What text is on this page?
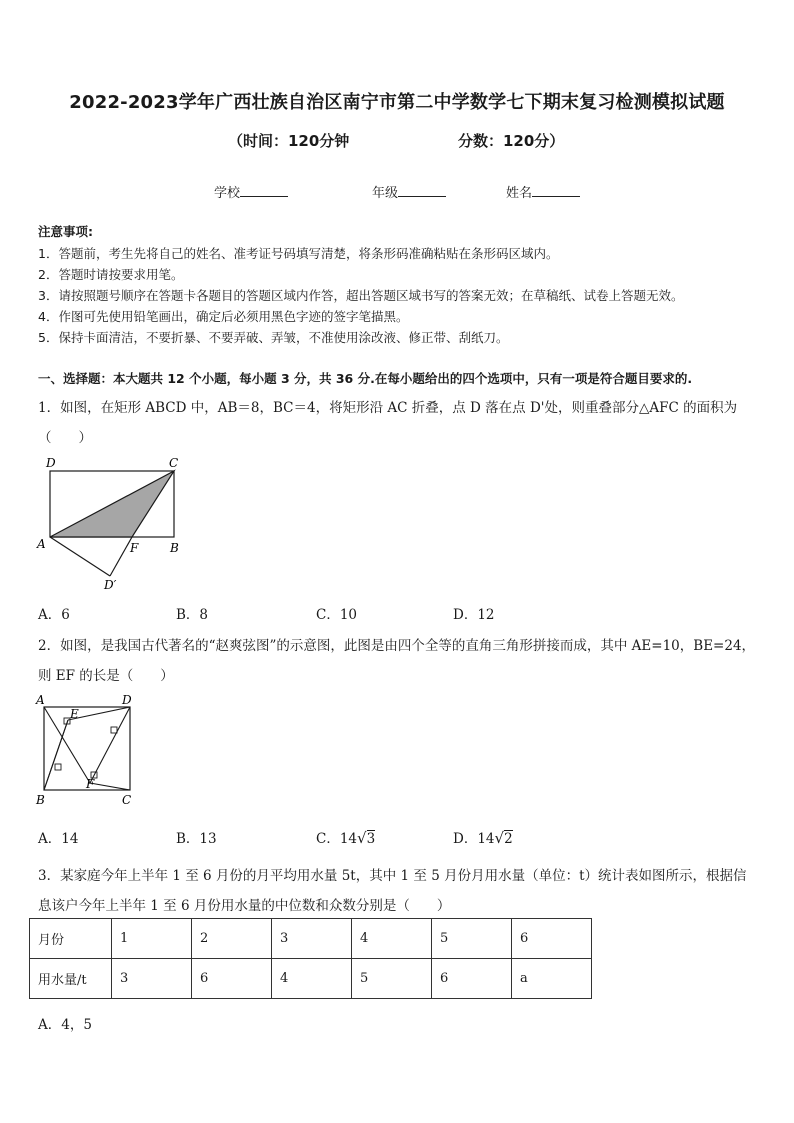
2022-2023学年广西壮族自治区南宁市第二中学数学七下期末复习检测模拟试题
（时间：120分钟	分数：120分）
学校	年级	姓名
注意事项:
1．答题前，考生先将自己的姓名、准考证号码填写清楚，将条形码准确粘贴在条形码区域内。
2．答题时请按要求用笔。
3．请按照题号顺序在答题卡各题目的答题区域内作答，超出答题区域书写的答案无效；在草稿纸、试卷上答题无效。
4．作图可先使用铅笔画出，确定后必须用黑色字迹的签字笔描黑。
5．保持卡面清洁，不要折暴、不要弄破、弄皱，不准使用涂改液、修正带、刮纸刀。
一、选择题：本大题共 12 个小题，每小题 3 分，共 36 分.在每小题给出的四个选项中，只有一项是符合题目要求的.
1．如图，在矩形 ABCD 中，AB＝8，BC＝4，将矩形沿 AC 折叠，点 D 落在点 D'处，则重叠部分△AFC 的面积为
（　　）
D	C
A	F	B
D′
A．6	B．8	C．10	D．12
2．如图，是我国古代著名的“赵爽弦图”的示意图，此图是由四个全等的直角三角形拼接而成，其中 AE=10，BE=24，
则 EF 的长是（　　）
A	D
E
F
B	C
A．14	B．13	C．14√3	D．14√2
3．某家庭今年上半年 1 至 6 月份的月平均用水量 5t，其中 1 至 5 月份月用水量（单位：t）统计表如图所示，根据信
息该户今年上半年 1 至 6 月份用水量的中位数和众数分别是（　　）
月份	1	2	3	4	5	6
用水量/t	3	6	4	5	6	a
A．4，5
